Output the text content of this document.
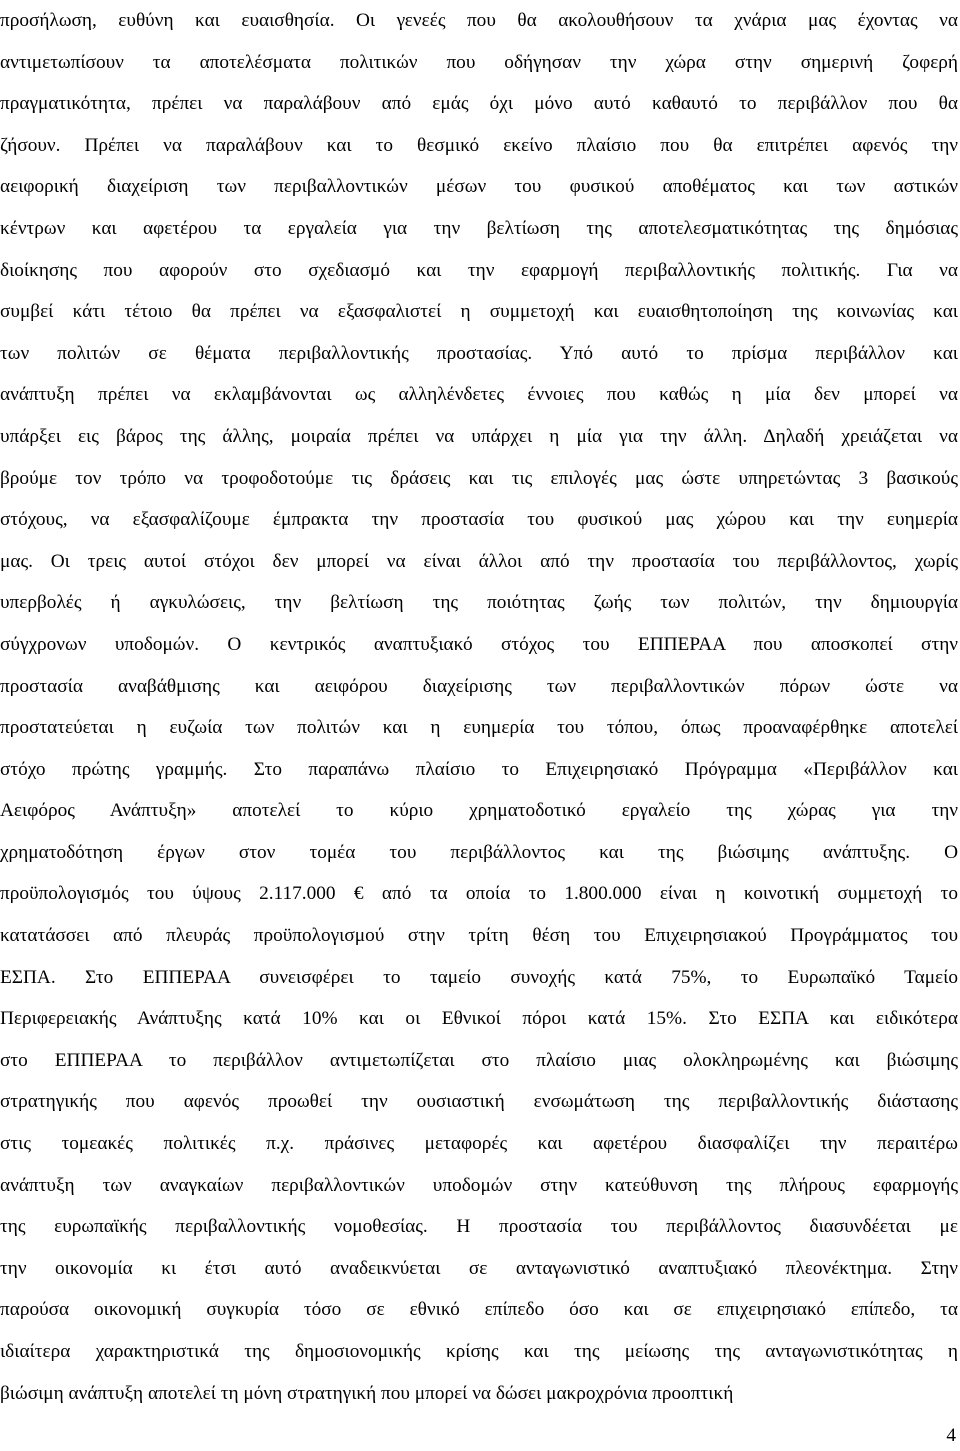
προσήλωση, ευθύνη και ευαισθησία. Οι γενεές που θα ακολουθήσουν τα χνάρια μας έχοντας να
αντιμετωπίσουν τα αποτελέσματα πολιτικών που οδήγησαν την χώρα στην σημερινή ζοφερή
πραγματικότητα, πρέπει να παραλάβουν από εμάς όχι μόνο αυτό καθαυτό το περιβάλλον που θα
ζήσουν. Πρέπει να παραλάβουν και το θεσμικό εκείνο πλαίσιο που θα επιτρέπει αφενός την
αειφορική διαχείριση των περιβαλλοντικών μέσων του φυσικού αποθέματος και των αστικών
κέντρων και αφετέρου τα εργαλεία για την βελτίωση της αποτελεσματικότητας της δημόσιας
διοίκησης που αφορούν στο σχεδιασμό και την εφαρμογή περιβαλλοντικής πολιτικής. Για να
συμβεί κάτι τέτοιο θα πρέπει να εξασφαλιστεί η συμμετοχή και ευαισθητοποίηση της κοινωνίας και
των πολιτών σε θέματα περιβαλλοντικής προστασίας. Υπό αυτό το πρίσμα περιβάλλον και
ανάπτυξη πρέπει να εκλαμβάνονται ως αλληλένδετες έννοιες που καθώς η μία δεν μπορεί να
υπάρξει εις βάρος της άλλης, μοιραία πρέπει να υπάρχει η μία για την άλλη. Δηλαδή χρειάζεται να
βρούμε τον τρόπο να τροφοδοτούμε τις δράσεις και τις επιλογές μας ώστε υπηρετώντας 3 βασικούς
στόχους, να εξασφαλίζουμε έμπρακτα την προστασία του φυσικού μας χώρου και την ευημερία
μας. Οι τρεις αυτοί στόχοι δεν μπορεί να είναι άλλοι από την προστασία του περιβάλλοντος, χωρίς
υπερβολές ή αγκυλώσεις, την βελτίωση της ποιότητας ζωής των πολιτών, την δημιουργία
σύγχρονων υποδομών. Ο κεντρικός αναπτυξιακό στόχος του ΕΠΠΕΡΑΑ που αποσκοπεί στην
προστασία αναβάθμισης και αειφόρου διαχείρισης των περιβαλλοντικών πόρων ώστε να
προστατεύεται η ευζωία των πολιτών και η ευημερία του τόπου, όπως προαναφέρθηκε αποτελεί
στόχο πρώτης γραμμής. Στο παραπάνω πλαίσιο το Επιχειρησιακό Πρόγραμμα «Περιβάλλον και
Αειφόρος Ανάπτυξη» αποτελεί το κύριο χρηματοδοτικό εργαλείο της χώρας για την
χρηματοδότηση έργων στον τομέα του περιβάλλοντος και της βιώσιμης ανάπτυξης. Ο
προϋπολογισμός του ύψους 2.117.000 € από τα οποία το 1.800.000 είναι η κοινοτική συμμετοχή το
κατατάσσει από πλευράς προϋπολογισμού στην τρίτη θέση του Επιχειρησιακού Προγράμματος του
ΕΣΠΑ. Στο ΕΠΠΕΡΑΑ συνεισφέρει το ταμείο συνοχής κατά 75%, το Ευρωπαϊκό Ταμείο
Περιφερειακής Ανάπτυξης κατά 10% και οι Εθνικοί πόροι κατά 15%. Στο ΕΣΠΑ και ειδικότερα
στο ΕΠΠΕΡΑΑ το περιβάλλον αντιμετωπίζεται στο πλαίσιο μιας ολοκληρωμένης και βιώσιμης
στρατηγικής που αφενός προωθεί την ουσιαστική ενσωμάτωση της περιβαλλοντικής διάστασης
στις τομεακές πολιτικές π.χ. πράσινες μεταφορές και αφετέρου διασφαλίζει την περαιτέρω
ανάπτυξη των αναγκαίων περιβαλλοντικών υποδομών στην κατεύθυνση της πλήρους εφαρμογής
της ευρωπαϊκής περιβαλλοντικής νομοθεσίας. Η προστασία του περιβάλλοντος διασυνδέεται με
την οικονομία κι έτσι αυτό αναδεικνύεται σε ανταγωνιστικό αναπτυξιακό πλεονέκτημα. Στην
παρούσα οικονομική συγκυρία τόσο σε εθνικό επίπεδο όσο και σε επιχειρησιακό επίπεδο, τα
ιδιαίτερα χαρακτηριστικά της δημοσιονομικής κρίσης και της μείωσης της ανταγωνιστικότητας η
βιώσιμη ανάπτυξη αποτελεί τη μόνη στρατηγική που μπορεί να δώσει μακροχρόνια προοπτική
4
